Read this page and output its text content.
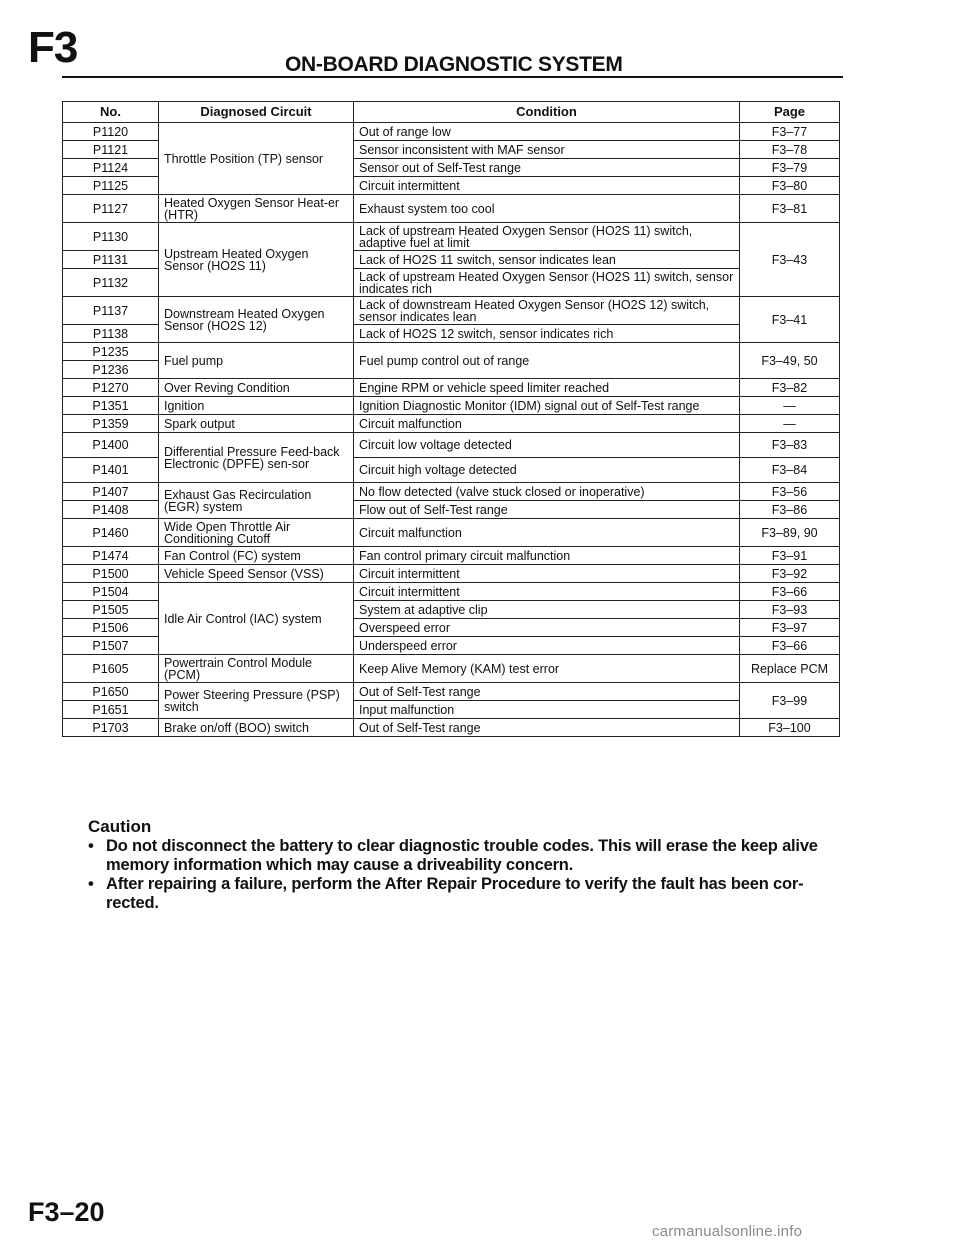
F3	ON-BOARD DIAGNOSTIC SYSTEM
No.	Diagnosed Circuit	Condition	Page
P1120	Throttle Position (TP) sensor	Out of range low	F3–77
P1121		Sensor inconsistent with MAF sensor	F3–78
P1124		Sensor out of Self-Test range	F3–79
P1125		Circuit intermittent	F3–80
P1127	Heated Oxygen Sensor Heat-er (HTR)	Exhaust system too cool	F3–81
P1130	Upstream Heated Oxygen Sensor (HO2S 11)	Lack of upstream Heated Oxygen Sensor (HO2S 11) switch, adaptive fuel at limit	F3–43
P1131		Lack of HO2S 11 switch, sensor indicates lean	
P1132		Lack of upstream Heated Oxygen Sensor (HO2S 11) switch, sensor indicates rich	
P1137	Downstream Heated Oxygen Sensor (HO2S 12)	Lack of downstream Heated Oxygen Sensor (HO2S 12) switch, sensor indicates lean	F3–41
P1138		Lack of HO2S 12 switch, sensor indicates rich	
P1235	Fuel pump	Fuel pump control out of range	F3–49, 50
P1236			
P1270	Over Reving Condition	Engine RPM or vehicle speed limiter reached	F3–82
P1351	Ignition	Ignition Diagnostic Monitor (IDM) signal out of Self-Test range	—
P1359	Spark output	Circuit malfunction	—
P1400	Differential Pressure Feed-back Electronic (DPFE) sen-sor	Circuit low voltage detected	F3–83
P1401		Circuit high voltage detected	F3–84
P1407	Exhaust Gas Recirculation (EGR) system	No flow detected (valve stuck closed or inoperative)	F3–56
P1408		Flow out of Self-Test range	F3–86
P1460	Wide Open Throttle Air Conditioning Cutoff	Circuit malfunction	F3–89, 90
P1474	Fan Control (FC) system	Fan control primary circuit malfunction	F3–91
P1500	Vehicle Speed Sensor (VSS)	Circuit intermittent	F3–92
P1504	Idle Air Control (IAC) system	Circuit intermittent	F3–66
P1505		System at adaptive clip	F3–93
P1506		Overspeed error	F3–97
P1507		Underspeed error	F3–66
P1605	Powertrain Control Module (PCM)	Keep Alive Memory (KAM) test error	Replace PCM
P1650	Power Steering Pressure (PSP) switch	Out of Self-Test range	F3–99
P1651		Input malfunction	
P1703	Brake on/off (BOO) switch	Out of Self-Test range	F3–100
Caution
• Do not disconnect the battery to clear diagnostic trouble codes. This will erase the keep alive memory information which may cause a driveability concern.
• After repairing a failure, perform the After Repair Procedure to verify the fault has been cor-rected.
F3–20
carmanualsonline.info
